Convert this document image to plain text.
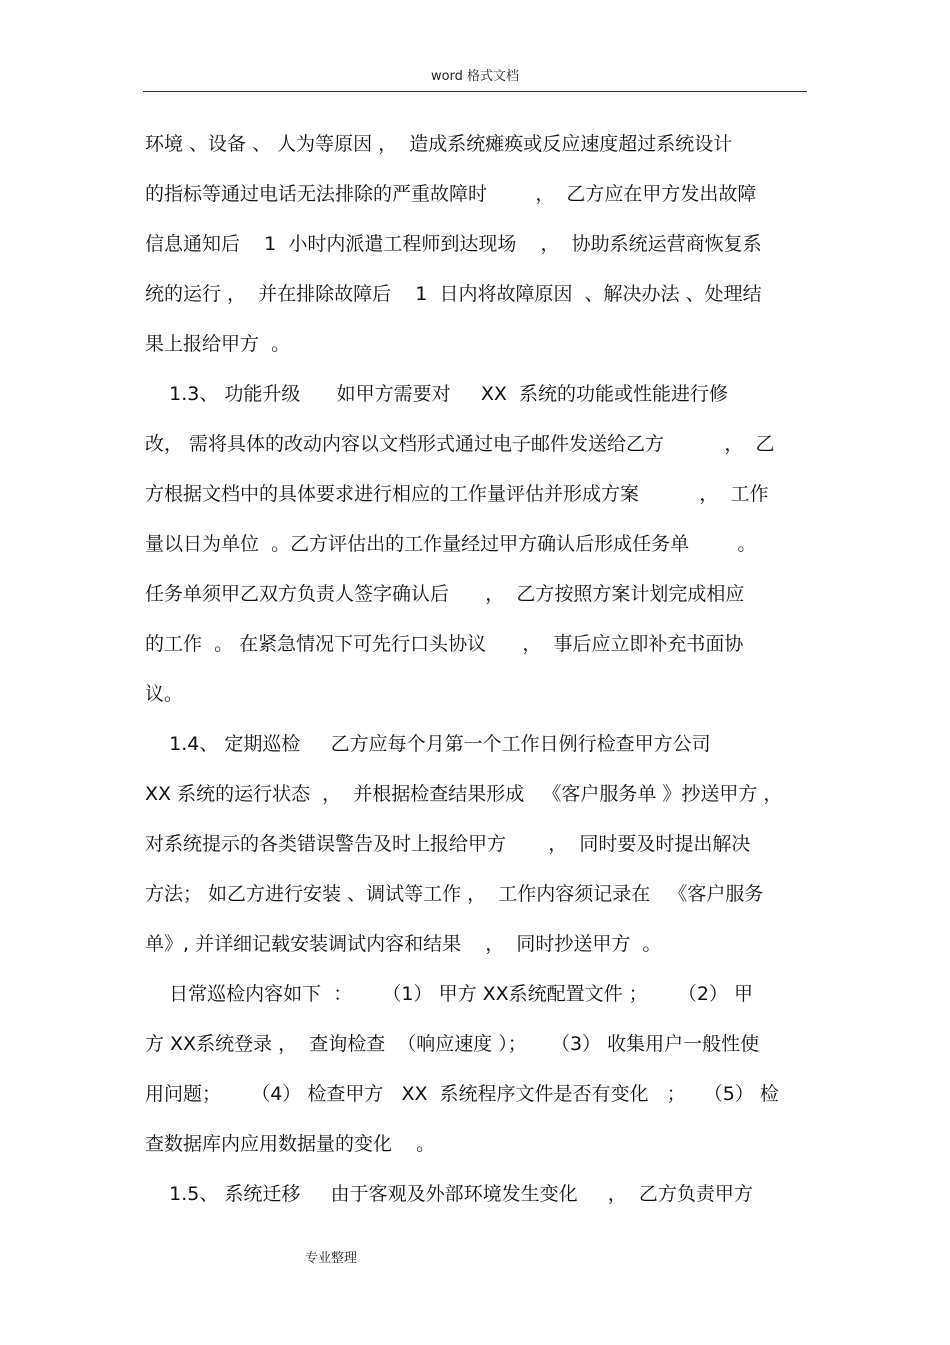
word 格式文档
环境 、设备 、 人为等原因 ，  造成系统瘫痪或反应速度超过系统设计
的指标等通过电话无法排除的严重故障时        ，  乙方应在甲方发出故障
信息通知后    1  小时内派遣工程师到达现场    ，  协助系统运营商恢复系
统的运行 ，  并在排除故障后    1  日内将故障原因  、解决办法 、处理结
果上报给甲方  。
1.3、 功能升级      如甲方需要对     XX  系统的功能或性能进行修
改， 需将具体的改动内容以文档形式通过电子邮件发送给乙方          ，  乙
方根据文档中的具体要求进行相应的工作量评估并形成方案          ，  工作
量以日为单位  。乙方评估出的工作量经过甲方确认后形成任务单        。
任务单须甲乙双方负责人签字确认后      ，  乙方按照方案计划完成相应
的工作  。 在紧急情况下可先行口头协议      ，  事后应立即补充书面协
议。
1.4、 定期巡检     乙方应每个月第一个工作日例行检查甲方公司
XX 系统的运行状态  ，  并根据检查结果形成   《客户服务单 》抄送甲方 ，
对系统提示的各类错误警告及时上报给甲方       ，  同时要及时提出解决
方法； 如乙方进行安装 、调试等工作 ，  工作内容须记录在   《客户服务
单》, 并详细记载安装调试内容和结果    ，  同时抄送甲方  。
日常巡检内容如下  ：     （1） 甲方 XX系统配置文件 ；     （2） 甲
方 XX系统登录 ，  查询检查  （响应速度 ）；    （3） 收集用户一般性使
用问题；     （4） 检查甲方   XX  系统程序文件是否有变化   ；   （5） 检
查数据库内应用数据量的变化    。
1.5、 系统迁移     由于客观及外部环境发生变化     ，  乙方负责甲方
专业整理
